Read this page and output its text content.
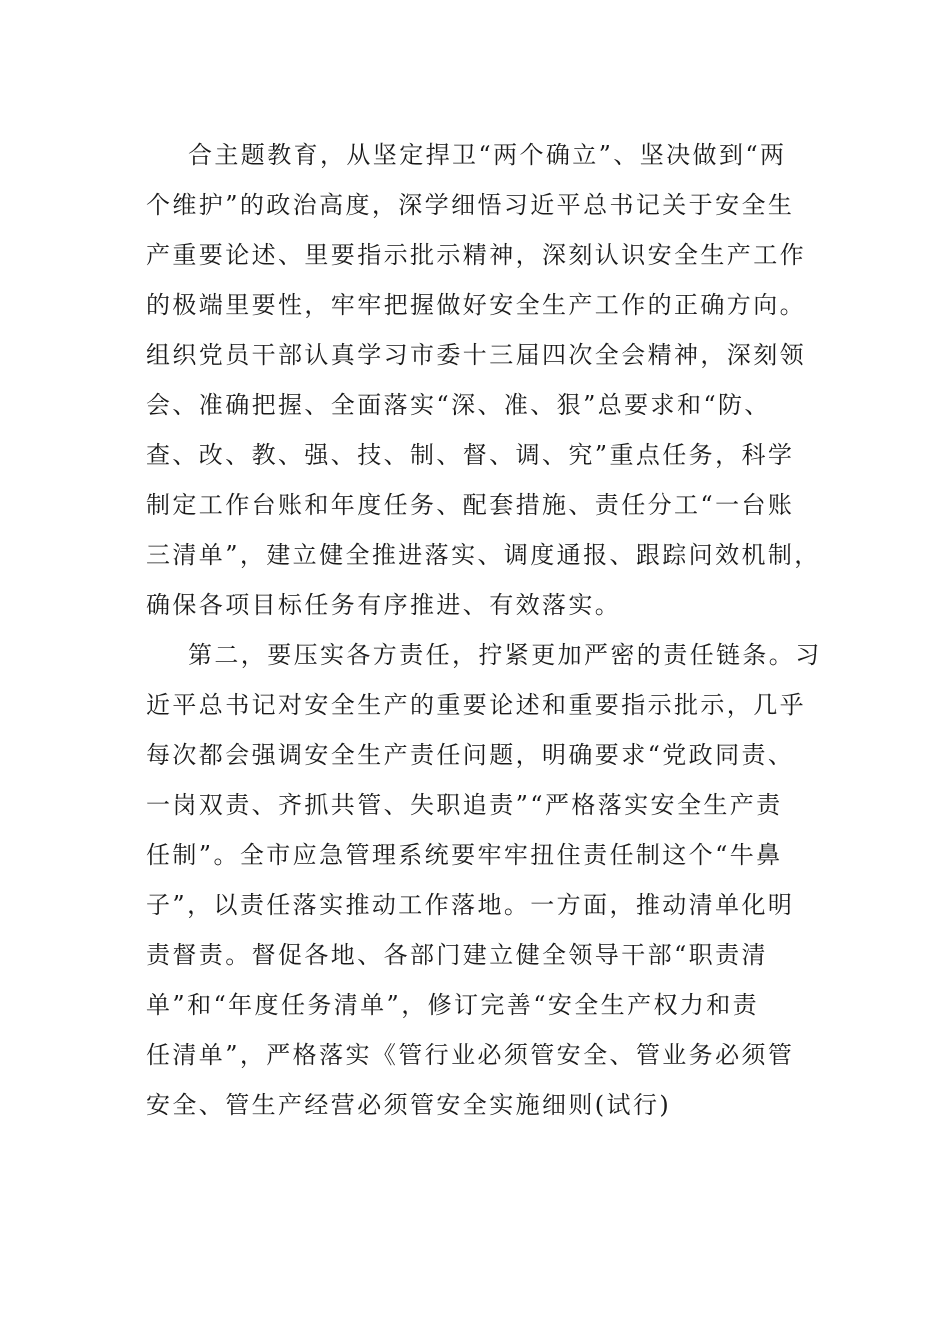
合主题教育，从坚定捍卫“两个确立”、坚决做到“两
个维护”的政治高度，深学细悟习近平总书记关于安全生
产重要论述、里要指示批示精神，深刻认识安全生产工作
的极端里要性，牢牢把握做好安全生产工作的正确方向。
组织党员干部认真学习市委十三届四次全会精神，深刻领
会、准确把握、全面落实“深、准、狠”总要求和“防、
查、改、教、强、技、制、督、调、究”重点任务，科学
制定工作台账和年度任务、配套措施、责任分工“一台账
三清单”，建立健全推进落实、调度通报、跟踪问效机制，
确保各项目标任务有序推进、有效落实。
第二，要压实各方责任，拧紧更加严密的责任链条。习
近平总书记对安全生产的重要论述和重要指示批示，几乎
每次都会强调安全生产责任问题，明确要求“党政同责、
一岗双责、齐抓共管、失职追责”“严格落实安全生产责
任制”。全市应急管理系统要牢牢扭住责任制这个“牛鼻
子”，以责任落实推动工作落地。一方面，推动清单化明
责督责。督促各地、各部门建立健全领导干部“职责清
单”和“年度任务清单”，修订完善“安全生产权力和责
任清单”，严格落实《管行业必须管安全、管业务必须管
安全、管生产经营必须管安全实施细则(试行)
